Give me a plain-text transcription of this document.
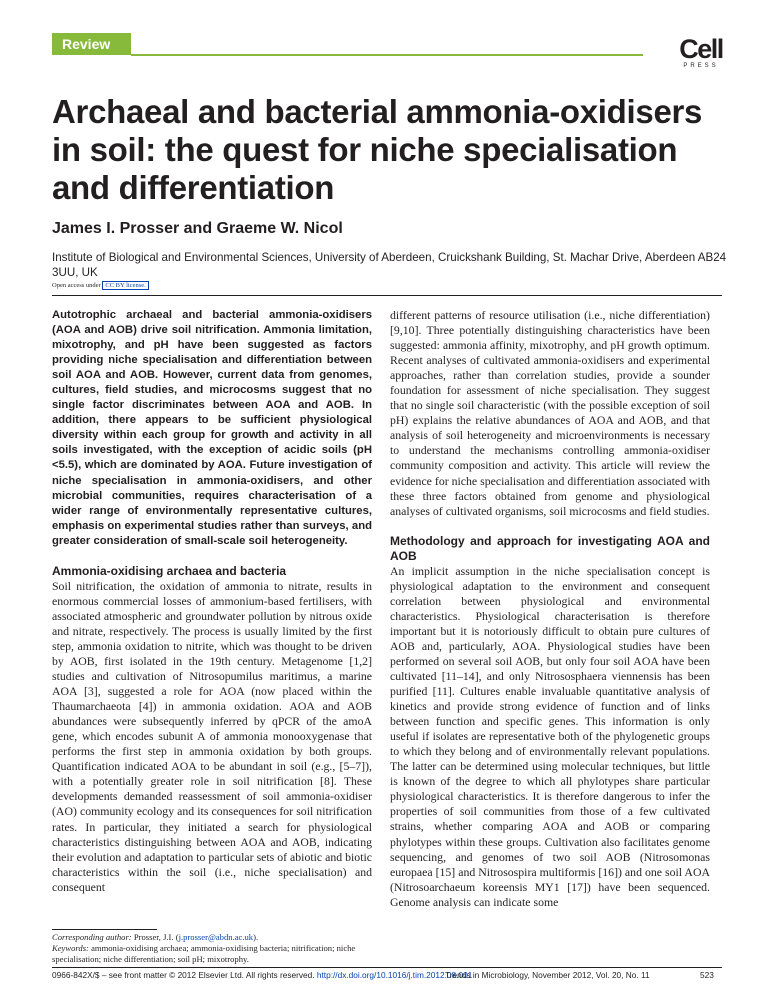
Review	Cell
PRESS
Archaeal and bacterial ammonia-oxidisers in soil: the quest for niche specialisation and differentiation
James I. Prosser and Graeme W. Nicol
Institute of Biological and Environmental Sciences, University of Aberdeen, Cruickshank Building, St. Machar Drive, Aberdeen AB24 3UU, UK
Open access under CC BY license.

Autotrophic archaeal and bacterial ammonia-oxidisers (AOA and AOB) drive soil nitrification. Ammonia limitation, mixotrophy, and pH have been suggested as factors providing niche specialisation and differentiation between soil AOA and AOB. However, current data from genomes, cultures, field studies, and microcosms suggest that no single factor discriminates between AOA and AOB. In addition, there appears to be sufficient physiological diversity within each group for growth and activity in all soils investigated, with the exception of acidic soils (pH <5.5), which are dominated by AOA. Future investigation of niche specialisation in ammonia-oxidisers, and other microbial communities, requires characterisation of a wider range of environmentally representative cultures, emphasis on experimental studies rather than surveys, and greater consideration of small-scale soil heterogeneity.

Ammonia-oxidising archaea and bacteria

Soil nitrification, the oxidation of ammonia to nitrate, results in enormous commercial losses of ammonium-based fertilisers, with associated atmospheric and groundwater pollution by nitrous oxide and nitrate, respectively. The process is usually limited by the first step, ammonia oxidation to nitrite, which was thought to be driven by AOB, first isolated in the 19th century. Metagenome [1,2] studies and cultivation of Nitrosopumilus maritimus, a marine AOA [3], suggested a role for AOA (now placed within the Thaumarchaeota [4]) in ammonia oxidation. AOA and AOB abundances were subsequently inferred by qPCR of the amoA gene, which encodes subunit A of ammonia monooxygenase that performs the first step in ammonia oxidation by both groups. Quantification indicated AOA to be abundant in soil (e.g., [5–7]), with a potentially greater role in soil nitrification [8]. These developments demanded reassessment of soil ammonia-oxidiser (AO) community ecology and its consequences for soil nitrification rates. In particular, they initiated a search for physiological characteristics distinguishing between AOA and AOB, indicating their evolution and adaptation to particular sets of abiotic and biotic characteristics within the soil (i.e., niche specialisation) and consequent

different patterns of resource utilisation (i.e., niche differentiation) [9,10]. Three potentially distinguishing characteristics have been suggested: ammonia affinity, mixotrophy, and pH growth optimum. Recent analyses of cultivated ammonia-oxidisers and experimental approaches, rather than correlation studies, provide a sounder foundation for assessment of niche specialisation. They suggest that no single soil characteristic (with the possible exception of soil pH) explains the relative abundances of AOA and AOB, and that analysis of soil heterogeneity and microenvironments is necessary to understand the mechanisms controlling ammonia-oxidiser community composition and activity. This article will review the evidence for niche specialisation and differentiation associated with these three factors obtained from genome and physiological analyses of cultivated organisms, soil microcosms and field studies.

Methodology and approach for investigating AOA and AOB

An implicit assumption in the niche specialisation concept is physiological adaptation to the environment and consequent correlation between physiological and environmental characteristics. Physiological characterisation is therefore important but it is notoriously difficult to obtain pure cultures of AOB and, particularly, AOA. Physiological studies have been performed on several soil AOB, but only four soil AOA have been cultivated [11–14], and only Nitrososphaera viennensis has been purified [11]. Cultures enable invaluable quantitative analysis of kinetics and provide strong evidence of function and of links between function and specific genes. This information is only useful if isolates are representative both of the phylogenetic groups to which they belong and of environmentally relevant populations. The latter can be determined using molecular techniques, but little is known of the degree to which all phylotypes share particular physiological characteristics. It is therefore dangerous to infer the properties of soil communities from those of a few cultivated strains, whether comparing AOA and AOB or comparing phylotypes within these groups. Cultivation also facilitates genome sequencing, and genomes of two soil AOB (Nitrosomonas europaea [15] and Nitrosospira multiformis [16]) and one soil AOA (Nitrosoarchaeum koreensis MY1 [17]) have been sequenced. Genome analysis can indicate some

Corresponding author: Prosser, J.I. (j.prosser@abdn.ac.uk).
Keywords: ammonia-oxidising archaea; ammonia-oxidising bacteria; nitrification; niche specialisation; niche differentiation; soil pH; mixotrophy.
0966-842X/$ – see front matter © 2012 Elsevier Ltd. All rights reserved. http://dx.doi.org/10.1016/j.tim.2012.08.001
Trends in Microbiology, November 2012, Vol. 20, No. 11	523
